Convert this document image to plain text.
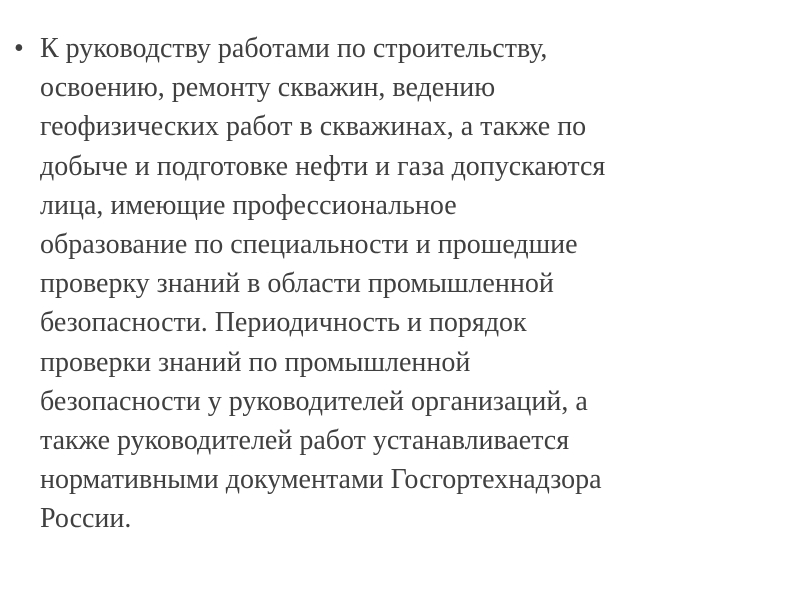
• К руководству работами по строительству,
освоению, ремонту скважин, ведению
геофизических работ в скважинах, а также по
добыче и подготовке нефти и газа допускаются
лица, имеющие профессиональное
образование по специальности и прошедшие
проверку знаний в области промышленной
безопасности. Периодичность и порядок
проверки знаний по промышленной
безопасности у руководителей организаций, а
также руководителей работ устанавливается
нормативными документами Госгортехнадзора
России.
